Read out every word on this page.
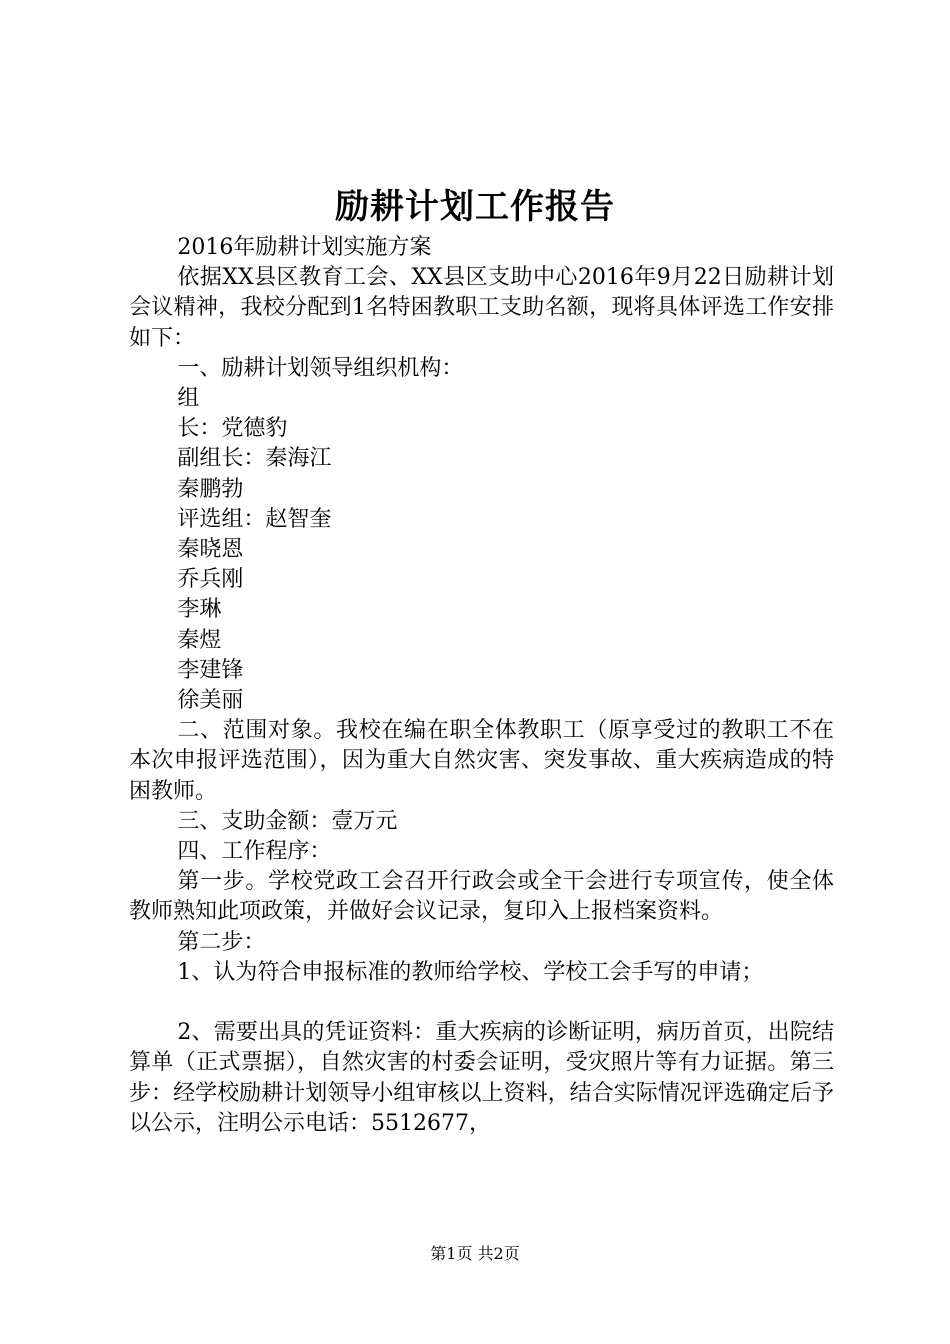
励耕计划工作报告

2016年励耕计划实施方案

依据XX县区教育工会、XX县区支助中心2016年9月22日励耕计划会议精神，我校分配到1名特困教职工支助名额，现将具体评选工作安排如下：

一、励耕计划领导组织机构：

组

长：党德豹

副组长：秦海江

秦鹏勃

评选组：赵智奎

秦晓恩

乔兵刚

李琳

秦煜

李建锋

徐美丽

二、范围对象。我校在编在职全体教职工（原享受过的教职工不在本次申报评选范围），因为重大自然灾害、突发事故、重大疾病造成的特困教师。

三、支助金额：壹万元

四、工作程序：

第一步。学校党政工会召开行政会或全干会进行专项宣传，使全体教师熟知此项政策，并做好会议记录，复印入上报档案资料。

第二步：

1、认为符合申报标准的教师给学校、学校工会手写的申请；

2、需要出具的凭证资料：重大疾病的诊断证明，病历首页，出院结算单（正式票据），自然灾害的村委会证明，受灾照片等有力证据。第三步：经学校励耕计划领导小组审核以上资料，结合实际情况评选确定后予以公示，注明公示电话：5512677，

第1页 共2页
